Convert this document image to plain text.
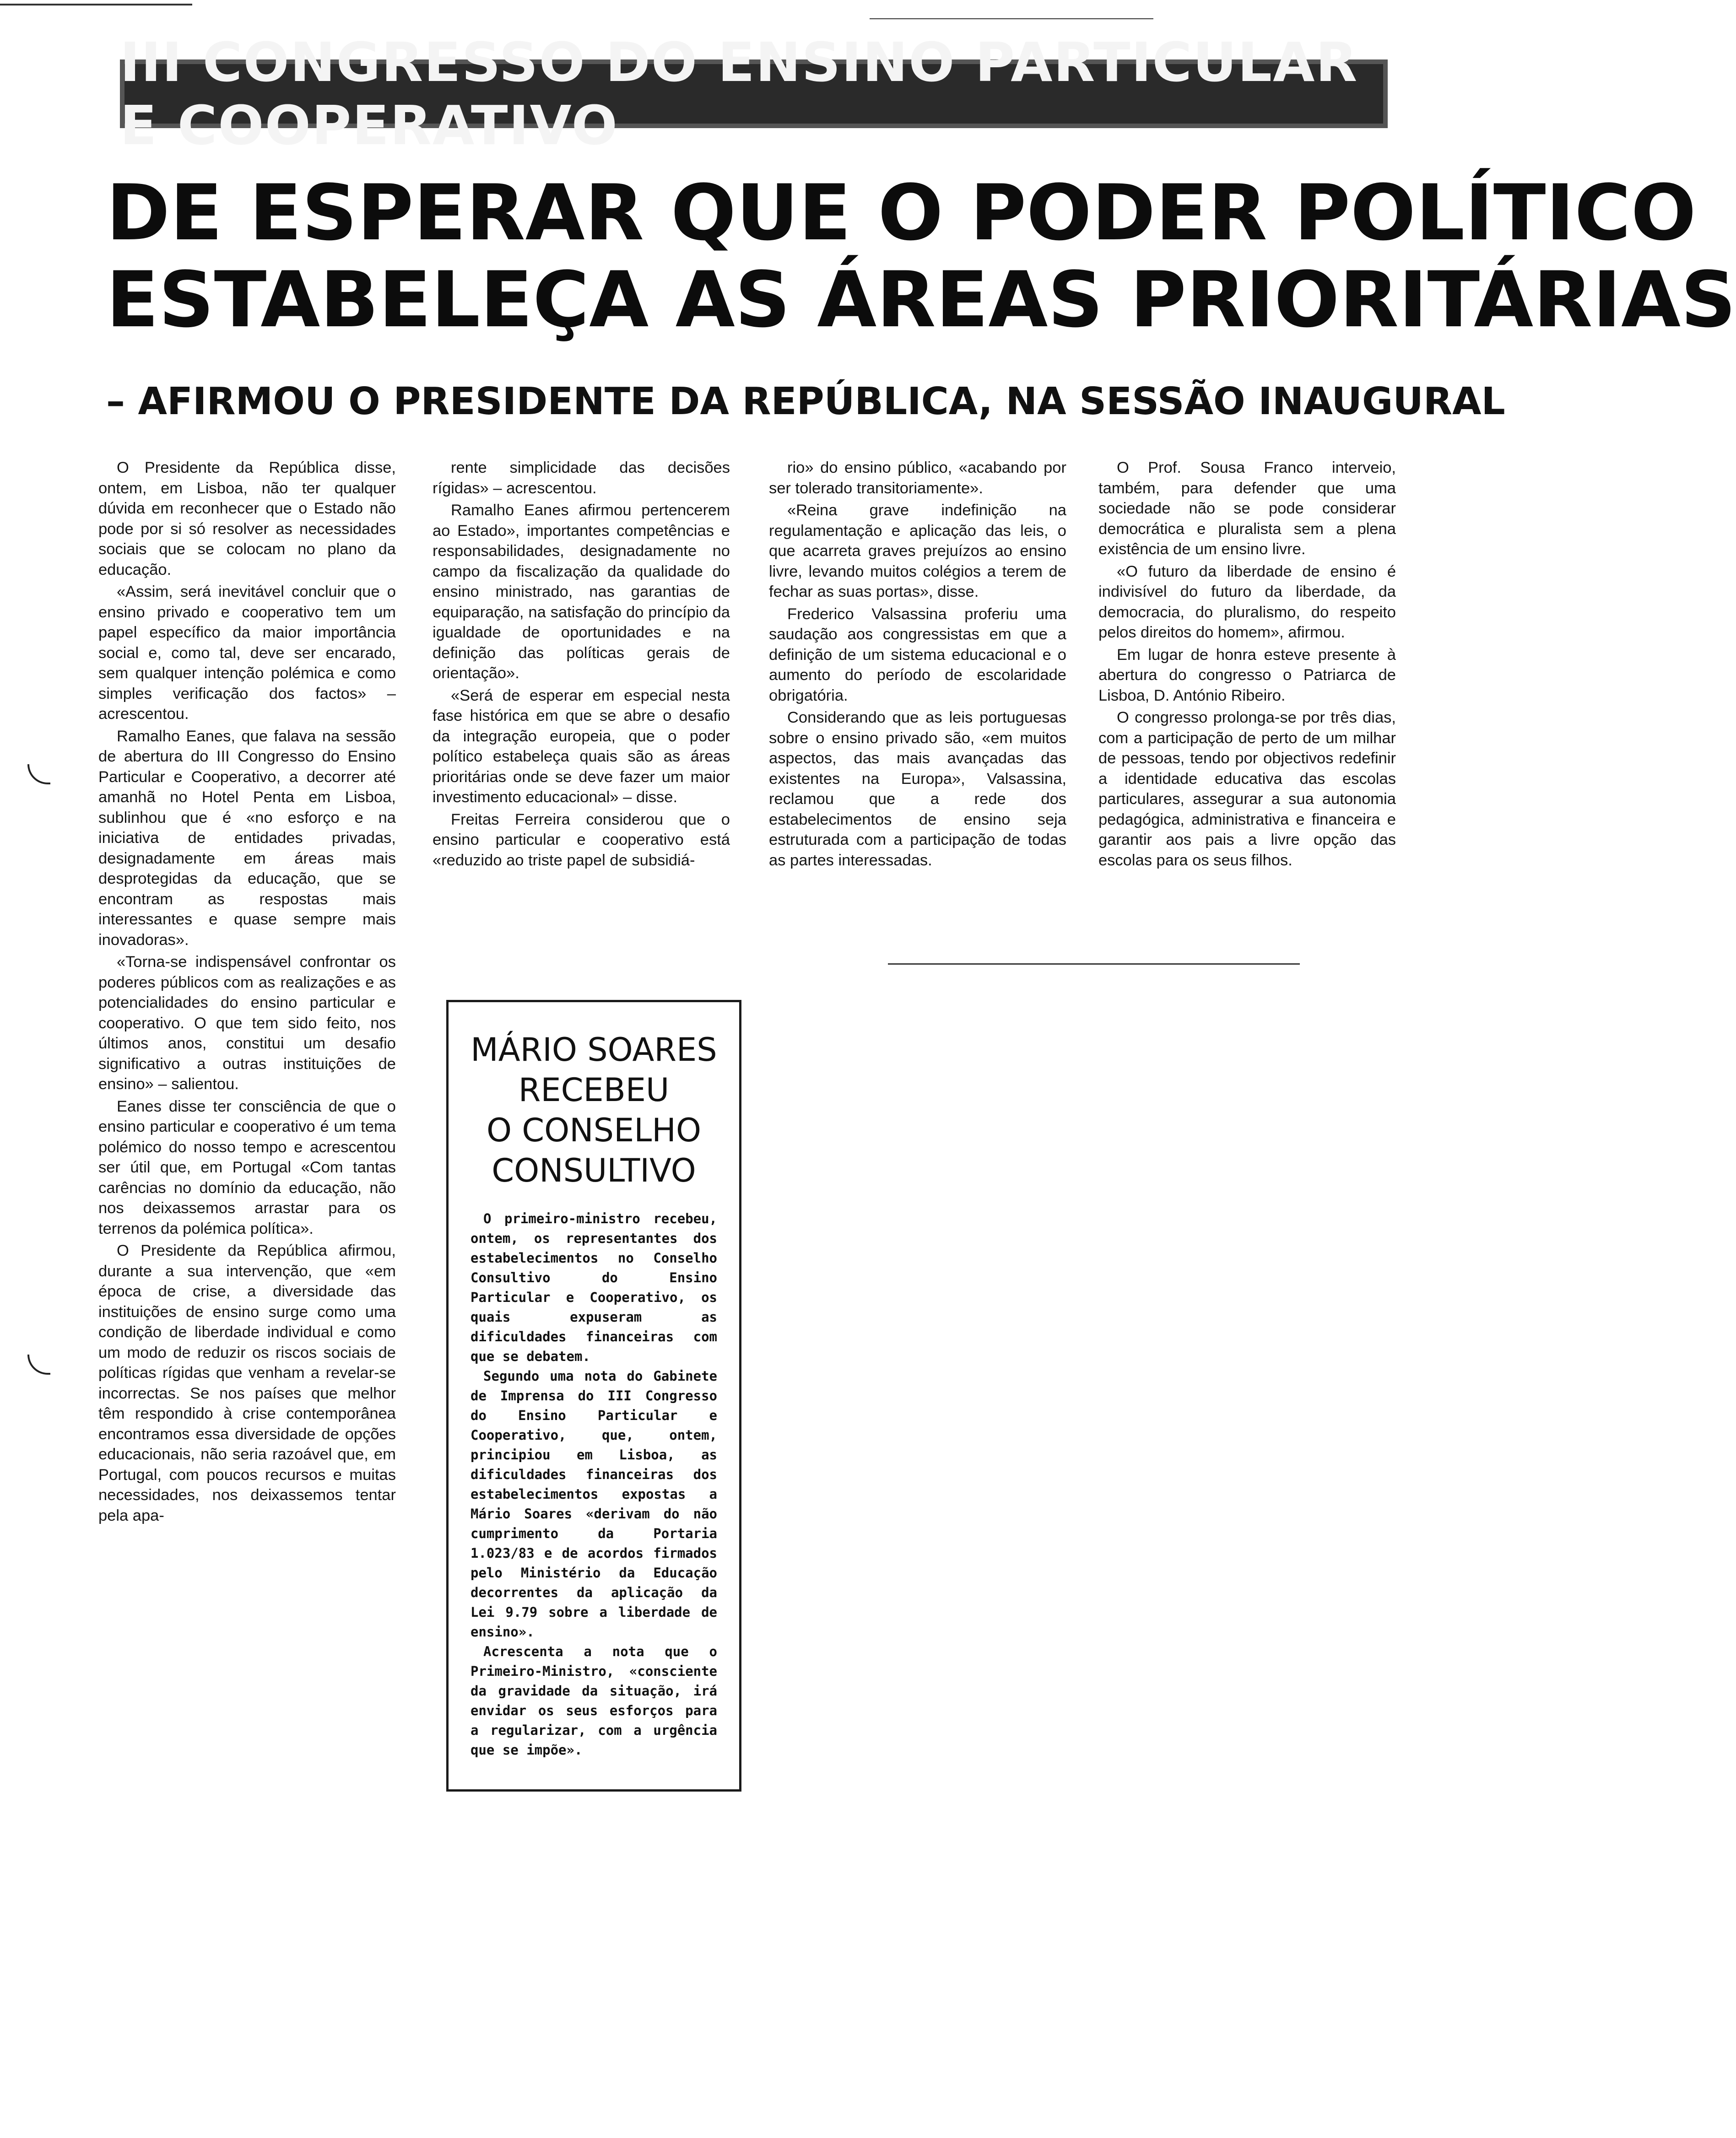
III CONGRESSO DO ENSINO PARTICULAR E COOPERATIVO
DE ESPERAR QUE O PODER POLÍTICO
ESTABELEÇA AS ÁREAS PRIORITÁRIAS
– AFIRMOU O PRESIDENTE DA REPÚBLICA, NA SESSÃO INAUGURAL

O Presidente da República disse, ontem, em Lisboa, não ter qualquer dúvida em reconhecer que o Estado não pode por si só resolver as necessidades sociais que se colocam no plano da educação.

«Assim, será inevitável concluir que o ensino privado e cooperativo tem um papel específico da maior importância social e, como tal, deve ser encarado, sem qualquer intenção polémica e como simples verificação dos factos» – acrescentou.

Ramalho Eanes, que falava na sessão de abertura do III Congresso do Ensino Particular e Cooperativo, a decorrer até amanhã no Hotel Penta em Lisboa, sublinhou que é «no esforço e na iniciativa de entidades privadas, designadamente em áreas mais desprotegidas da educação, que se encontram as respostas mais interessantes e quase sempre mais inovadoras».

«Torna-se indispensável confrontar os poderes públicos com as realizações e as potencialidades do ensino particular e cooperativo. O que tem sido feito, nos últimos anos, constitui um desafio significativo a outras instituições de ensino» – salientou.

Eanes disse ter consciência de que o ensino particular e cooperativo é um tema polémico do nosso tempo e acrescentou ser útil que, em Portugal «Com tantas carências no domínio da educação, não nos deixassemos arrastar para os terrenos da polémica política».

O Presidente da República afirmou, durante a sua intervenção, que «em época de crise, a diversidade das instituições de ensino surge como uma condição de liberdade individual e como um modo de reduzir os riscos sociais de políticas rígidas que venham a revelar-se incorrectas. Se nos países que melhor têm respondido à crise contemporânea encontramos essa diversidade de opções educacionais, não seria razoável que, em Portugal, com poucos recursos e muitas necessidades, nos deixassemos tentar pela apa-

rente simplicidade das decisões rígidas» – acrescentou.

Ramalho Eanes afirmou pertencerem ao Estado», importantes competências e responsabilidades, designadamente no campo da fiscalização da qualidade do ensino ministrado, nas garantias de equiparação, na satisfação do princípio da igualdade de oportunidades e na definição das políticas gerais de orientação».

«Será de esperar em especial nesta fase histórica em que se abre o desafio da integração europeia, que o poder político estabeleça quais são as áreas prioritárias onde se deve fazer um maior investimento educacional» – disse.

Freitas Ferreira considerou que o ensino particular e cooperativo está «reduzido ao triste papel de subsidiá-

rio» do ensino público, «acabando por ser tolerado transitoriamente».

«Reina grave indefinição na regulamentação e aplicação das leis, o que acarreta graves prejuízos ao ensino livre, levando muitos colégios a terem de fechar as suas portas», disse.

Frederico Valsassina proferiu uma saudação aos congressistas em que a definição de um sistema educacional e o aumento do período de escolaridade obrigatória.

Considerando que as leis portuguesas sobre o ensino privado são, «em muitos aspectos, das mais avançadas das existentes na Europa», Valsassina, reclamou que a rede dos estabelecimentos de ensino seja estruturada com a participação de todas as partes interessadas.

O Prof. Sousa Franco interveio, também, para defender que uma sociedade não se pode considerar democrática e pluralista sem a plena existência de um ensino livre.

«O futuro da liberdade de ensino é indivisível do futuro da liberdade, da democracia, do pluralismo, do respeito pelos direitos do homem», afirmou.

Em lugar de honra esteve presente à abertura do congresso o Patriarca de Lisboa, D. António Ribeiro.

O congresso prolonga-se por três dias, com a participação de perto de um milhar de pessoas, tendo por objectivos redefinir a identidade educativa das escolas particulares, assegurar a sua autonomia pedagógica, administrativa e financeira e garantir aos pais a livre opção das escolas para os seus filhos.

MÁRIO SOARES
RECEBEU
O CONSELHO
CONSULTIVO

O primeiro-ministro recebeu, ontem, os representantes dos estabelecimentos no Conselho Consultivo do Ensino Particular e Cooperativo, os quais expuseram as dificuldades financeiras com que se debatem.

Segundo uma nota do Gabinete de Imprensa do III Congresso do Ensino Particular e Cooperativo, que, ontem, principiou em Lisboa, as dificuldades financeiras dos estabelecimentos expostas a Mário Soares «derivam do não cumprimento da Portaria 1.023/83 e de acordos firmados pelo Ministério da Educação decorrentes da aplicação da Lei 9.79 sobre a liberdade de ensino».

Acrescenta a nota que o Primeiro-Ministro, «consciente da gravidade da situação, irá envidar os seus esforços para a regularizar, com a urgência que se impõe».
